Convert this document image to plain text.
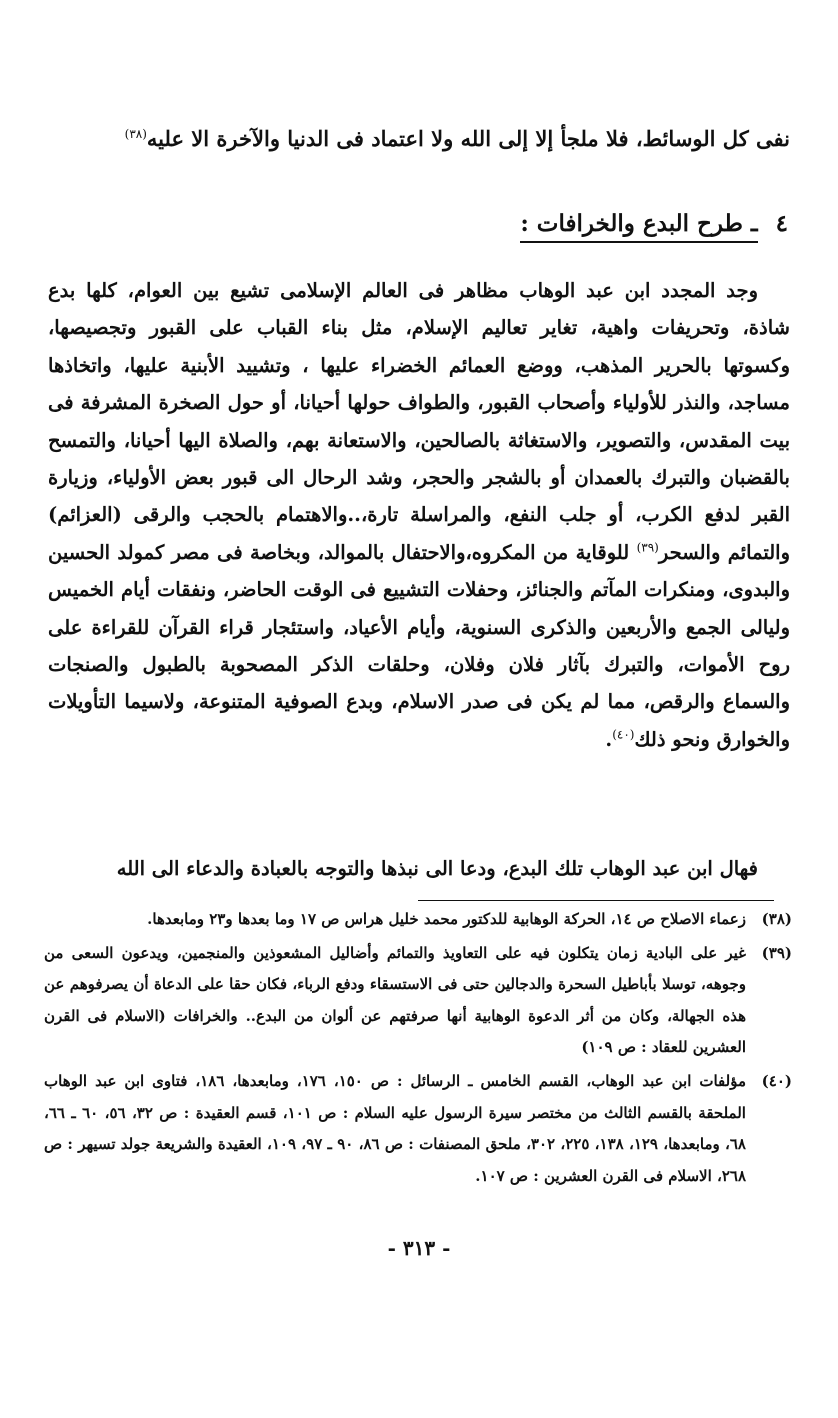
نفى كل الوسائط، فلا ملجأ إلا إلى الله ولا اعتماد فى الدنيا والآخرة الا عليه$^{(٣٨)}$
٤ـ طرح البدع والخرافات :

وجد المجدد ابن عبد الوهاب مظاهر فى العالم الإسلامى تشيع بين العوام، كلها بدع شاذة، وتحريفات واهية، تغاير تعاليم الإسلام، مثل بناء القباب على القبور وتجصيصها، وكسوتها بالحرير المذهب، ووضع العمائم الخضراء عليها ، وتشييد الأبنية عليها، واتخاذها مساجد، والنذر للأولياء وأصحاب القبور، والطواف حولها أحيانا، أو حول الصخرة المشرفة فى بيت المقدس، والتصوير، والاستغاثة بالصالحين، والاستعانة بهم، والصلاة اليها أحيانا، والتمسح بالقضبان والتبرك بالعمدان أو بالشجر والحجر، وشد الرحال الى قبور بعض الأولياء، وزيارة القبر لدفع الكرب، أو جلب النفع، والمراسلة تارة،..والاهتمام بالحجب والرقى (العزائم) والتمائم والسحر$^{(٣٩)}$ للوقاية من المكروه،والاحتفال بالموالد، وبخاصة فى مصر كمولد الحسين والبدوى، ومنكرات المآتم والجنائز، وحفلات التشييع فى الوقت الحاضر، ونفقات أيام الخميس وليالى الجمع والأربعين والذكرى السنوية، وأيام الأعياد، واستئجار قراء القرآن للقراءة على روح الأموات، والتبرك بآثار فلان وفلان، وحلقات الذكر المصحوبة بالطبول والصنجات والسماع والرقص، مما لم يكن فى صدر الاسلام، وبدع الصوفية المتنوعة، ولاسيما التأويلات والخوارق ونحو ذلك$^{(٤٠)}$.

فهال ابن عبد الوهاب تلك البدع، ودعا الى نبذها والتوجه بالعبادة والدعاء الى الله

(٣٨)
زعماء الاصلاح ص ١٤، الحركة الوهابية للدكتور محمد خليل هراس ص ١٧ وما بعدها و٢٣ ومابعدها.
(٣٩)
غير على البادية زمان يتكلون فيه على التعاويذ والتمائم وأضاليل المشعوذين والمنجمين، ويدعون السعى من وجوهه، توسلا بأباطيل السحرة والدجالين حتى فى الاستسقاء ودفع الرباء، فكان حقا على الدعاة أن يصرفوهم عن هذه الجهالة، وكان من أثر الدعوة الوهابية أنها صرفتهم عن ألوان من البدع.. والخرافات (الاسلام فى القرن العشرين للعقاد : ص ١٠٩)
(٤٠)
مؤلفات ابن عبد الوهاب، القسم الخامس ـ الرسائل : ص ١٥٠، ١٧٦، ومابعدها، ١٨٦، فتاوى ابن عبد الوهاب الملحقة بالقسم الثالث من مختصر سيرة الرسول عليه السلام : ص ١٠١، قسم العقيدة : ص ٣٢، ٥٦، ٦٠ ـ ٦٦، ٦٨، ومابعدها، ١٢٩، ١٣٨، ٢٢٥، ٣٠٢، ملحق المصنفات : ص ٨٦، ٩٠ ـ ٩٧، ١٠٩، العقيدة والشريعة جولد تسيهر : ص ٢٦٨، الاسلام فى القرن العشرين : ص ١٠٧.
- ٣١٣ -
